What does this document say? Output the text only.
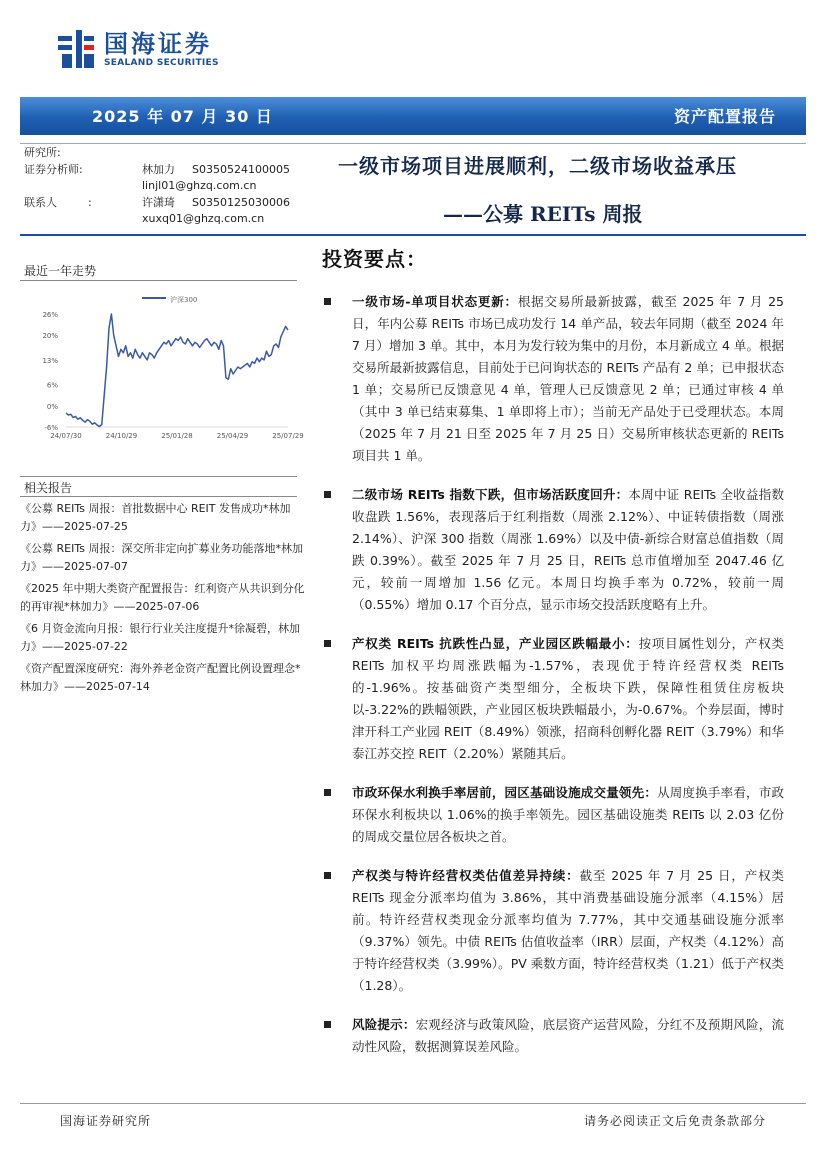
国海证券
SEALAND SECURITIES
2025 年 07 月 30 日	资产配置报告
研究所:
证券分析师:	林加力 S0350524100005
linjl01@ghzq.com.cn
联系人	:	许潇琦 S0350125030006
xuxq01@ghzq.com.cn
一级市场项目进展顺利，二级市场收益承压
——公募 REITs 周报
最近一年走势
沪深300
26%
20%
13%
6%
0%
-6%
24/07/30	24/10/29	25/01/28	25/04/29	25/07/29
相关报告
《公募 REITs 周报：首批数据中心 REIT 发售成功*林加力》——2025-07-25
《公募 REITs 周报：深交所非定向扩募业务功能落地*林加力》——2025-07-07
《2025 年中期大类资产配置报告：红利资产从共识到分化的再审视*林加力》——2025-07-06
《6 月资金流向月报：银行行业关注度提升*徐凝碧，林加力》——2025-07-22
《资产配置深度研究：海外养老金资产配置比例设置理念*林加力》——2025-07-14
投资要点：
一级市场-单项目状态更新：根据交易所最新披露，截至 2025 年 7 月 25 日，年内公募 REITs 市场已成功发行 14 单产品，较去年同期（截至 2024 年 7 月）增加 3 单。其中，本月为发行较为集中的月份，本月新成立 4 单。根据交易所最新披露信息，目前处于已问询状态的 REITs 产品有 2 单；已申报状态 1 单；交易所已反馈意见 4 单，管理人已反馈意见 2 单；已通过审核 4 单（其中 3 单已结束募集、1 单即将上市）；当前无产品处于已受理状态。本周（2025 年 7 月 21 日至 2025 年 7 月 25 日）交易所审核状态更新的 REITs 项目共 1 单。
二级市场 REITs 指数下跌，但市场活跃度回升：本周中证 REITs 全收益指数收盘跌 1.56%，表现落后于红利指数（周涨 2.12%）、中证转债指数（周涨 2.14%）、沪深 300 指数（周涨 1.69%）以及中债-新综合财富总值指数（周跌 0.39%）。截至 2025 年 7 月 25 日，REITs 总市值增加至 2047.46 亿元，较前一周增加 1.56 亿元。本周日均换手率为 0.72%，较前一周（0.55%）增加 0.17 个百分点，显示市场交投活跃度略有上升。
产权类 REITs 抗跌性凸显，产业园区跌幅最小：按项目属性划分，产权类 REITs 加权平均周涨跌幅为-1.57%，表现优于特许经营权类 REITs 的-1.96%。按基础资产类型细分，全板块下跌，保障性租赁住房板块以-3.22%的跌幅领跌，产业园区板块跌幅最小，为-0.67%。个券层面，博时津开科工产业园 REIT（8.49%）领涨，招商科创孵化器 REIT（3.79%）和华泰江苏交控 REIT（2.20%）紧随其后。
市政环保水利换手率居前，园区基础设施成交量领先：从周度换手率看，市政环保水利板块以 1.06%的换手率领先。园区基础设施类 REITs 以 2.03 亿份的周成交量位居各板块之首。
产权类与特许经营权类估值差异持续：截至 2025 年 7 月 25 日，产权类 REITs 现金分派率均值为 3.86%，其中消费基础设施分派率（4.15%）居前。特许经营权类现金分派率均值为 7.77%，其中交通基础设施分派率（9.37%）领先。中债 REITs 估值收益率（IRR）层面，产权类（4.12%）高于特许经营权类（3.99%）。PV 乘数方面，特许经营权类（1.21）低于产权类（1.28）。
风险提示：宏观经济与政策风险，底层资产运营风险，分红不及预期风险，流动性风险，数据测算误差风险。
国海证券研究所	请务必阅读正文后免责条款部分
